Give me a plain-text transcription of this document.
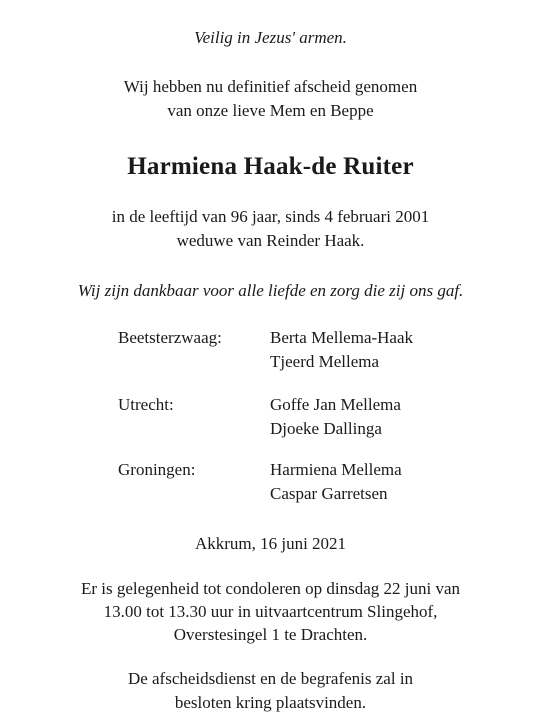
Veilig in Jezus' armen.
Wij hebben nu definitief afscheid genomen
van onze lieve Mem en Beppe
Harmiena Haak-de Ruiter
in de leeftijd van 96 jaar, sinds 4 februari 2001
weduwe van Reinder Haak.
Wij zijn dankbaar voor alle liefde en zorg die zij ons gaf.
Beetsterzwaag:	Berta Mellema-Haak
Tjeerd Mellema
Utrecht:	Goffe Jan Mellema
Djoeke Dallinga
Groningen:	Harmiena Mellema
Caspar Garretsen
Akkrum, 16 juni 2021
Er is gelegenheid tot condoleren op dinsdag 22 juni van
13.00 tot 13.30 uur in uitvaartcentrum Slingehof,
Overstesingel 1 te Drachten.
De afscheidsdienst en de begrafenis zal in
besloten kring plaatsvinden.
